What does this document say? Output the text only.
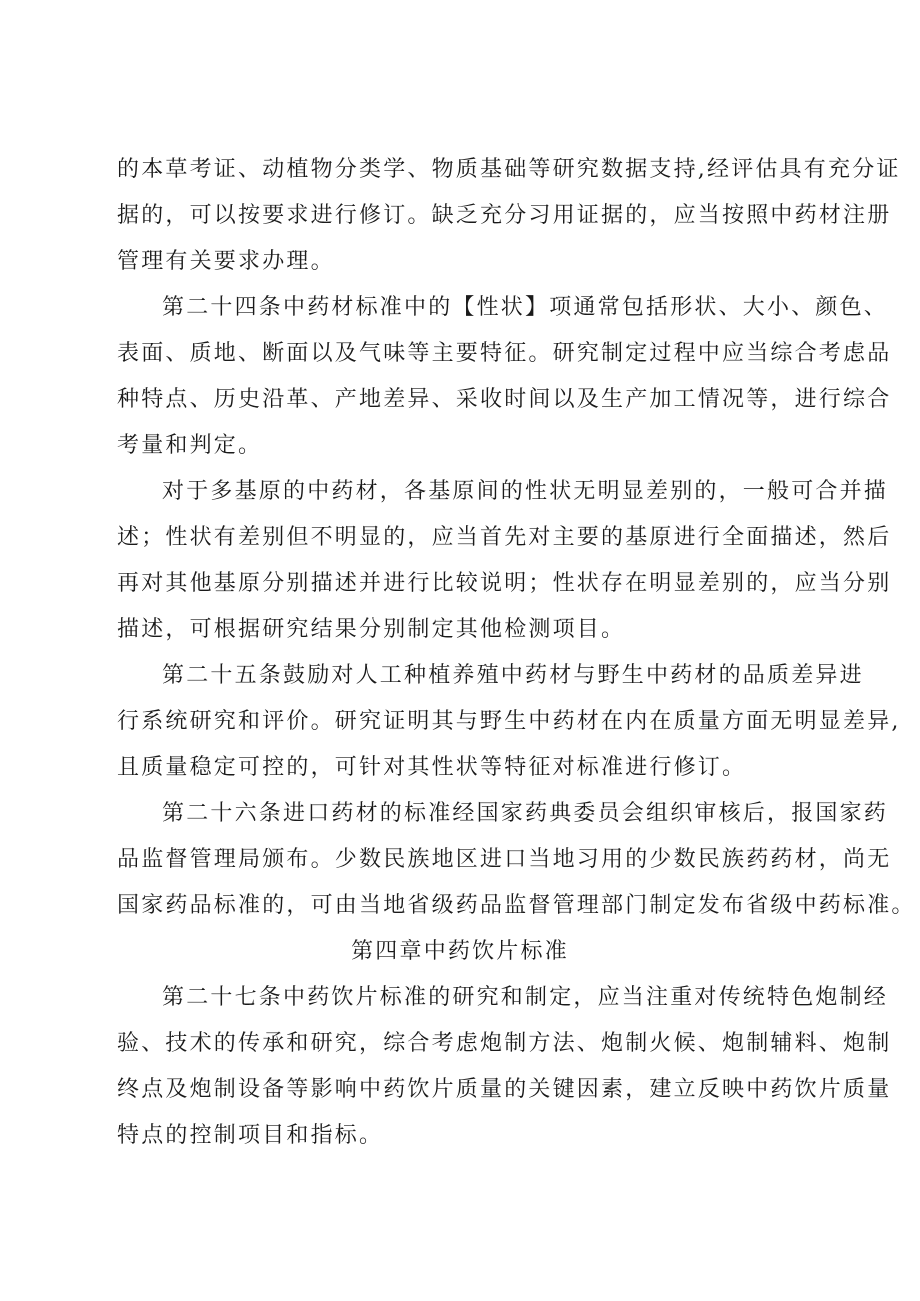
的本草考证、动植物分类学、物质基础等研究数据支持,经评估具有充分证
据的，可以按要求进行修订。缺乏充分习用证据的，应当按照中药材注册
管理有关要求办理。
第二十四条中药材标准中的【性状】项通常包括形状、大小、颜色、
表面、质地、断面以及气味等主要特征。研究制定过程中应当综合考虑品
种特点、历史沿革、产地差异、采收时间以及生产加工情况等，进行综合
考量和判定。
对于多基原的中药材，各基原间的性状无明显差别的，一般可合并描
述；性状有差别但不明显的，应当首先对主要的基原进行全面描述，然后
再对其他基原分别描述并进行比较说明；性状存在明显差别的，应当分别
描述，可根据研究结果分别制定其他检测项目。
第二十五条鼓励对人工种植养殖中药材与野生中药材的品质差异进
行系统研究和评价。研究证明其与野生中药材在内在质量方面无明显差异,
且质量稳定可控的，可针对其性状等特征对标准进行修订。
第二十六条进口药材的标准经国家药典委员会组织审核后，报国家药
品监督管理局颁布。少数民族地区进口当地习用的少数民族药药材，尚无
国家药品标准的，可由当地省级药品监督管理部门制定发布省级中药标准。
第四章中药饮片标准
第二十七条中药饮片标准的研究和制定，应当注重对传统特色炮制经
验、技术的传承和研究，综合考虑炮制方法、炮制火候、炮制辅料、炮制
终点及炮制设备等影响中药饮片质量的关键因素，建立反映中药饮片质量
特点的控制项目和指标。
